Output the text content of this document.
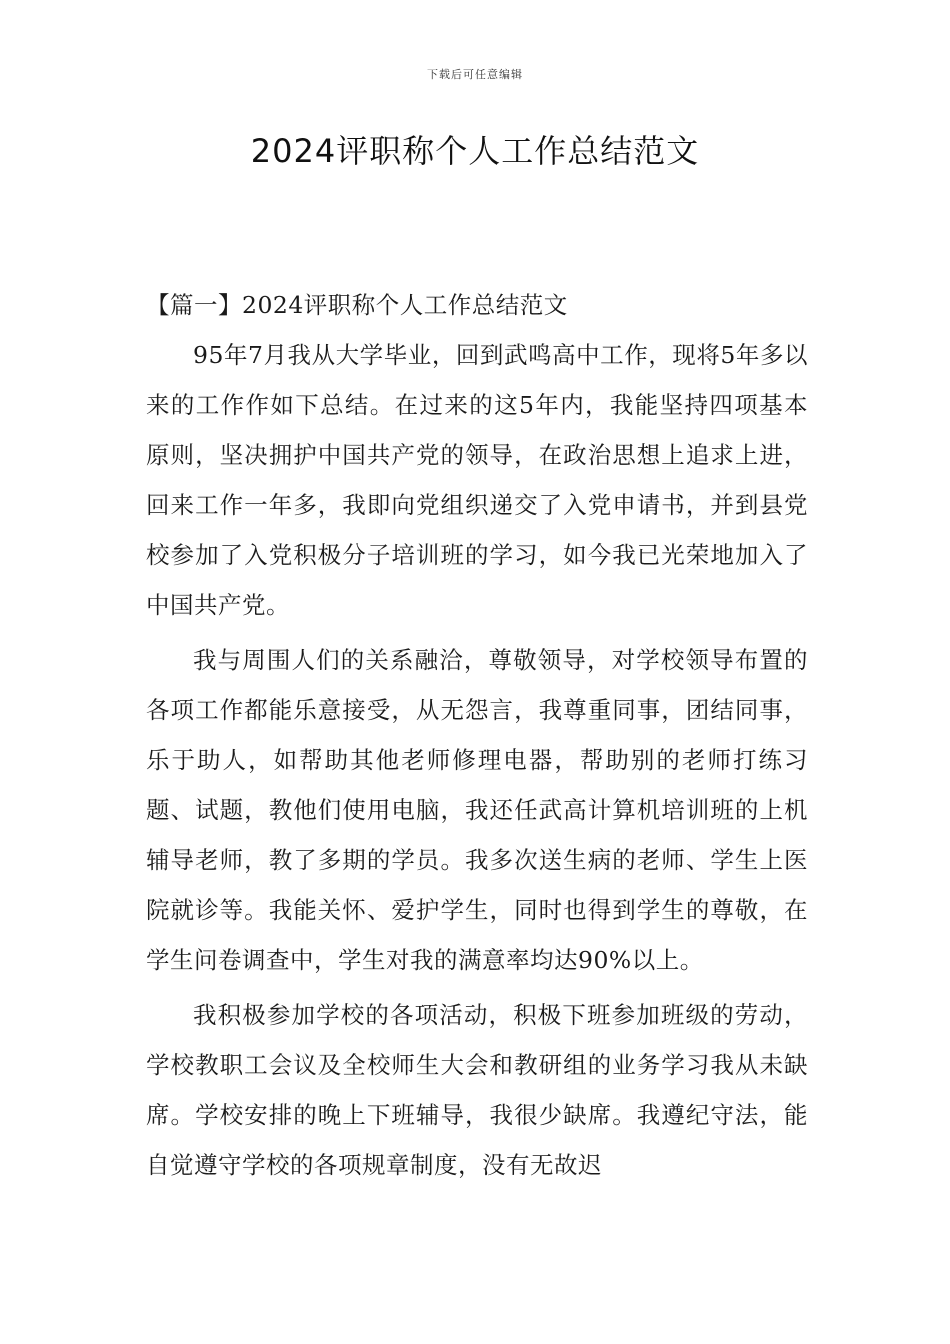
下载后可任意编辑
2024评职称个人工作总结范文
【篇一】2024评职称个人工作总结范文

95年7月我从大学毕业，回到武鸣高中工作，现将5年多以来的工作作如下总结。在过来的这5年内，我能坚持四项基本原则，坚决拥护中国共产党的领导，在政治思想上追求上进，回来工作一年多，我即向党组织递交了入党申请书，并到县党校参加了入党积极分子培训班的学习，如今我已光荣地加入了中国共产党。

我与周围人们的关系融洽，尊敬领导，对学校领导布置的各项工作都能乐意接受，从无怨言，我尊重同事，团结同事，乐于助人，如帮助其他老师修理电器，帮助别的老师打练习题、试题，教他们使用电脑，我还任武高计算机培训班的上机辅导老师，教了多期的学员。我多次送生病的老师、学生上医院就诊等。我能关怀、爱护学生，同时也得到学生的尊敬，在学生问卷调查中，学生对我的满意率均达90%以上。

我积极参加学校的各项活动，积极下班参加班级的劳动，学校教职工会议及全校师生大会和教研组的业务学习我从未缺席。学校安排的晚上下班辅导，我很少缺席。我遵纪守法，能自觉遵守学校的各项规章制度，没有无故迟
